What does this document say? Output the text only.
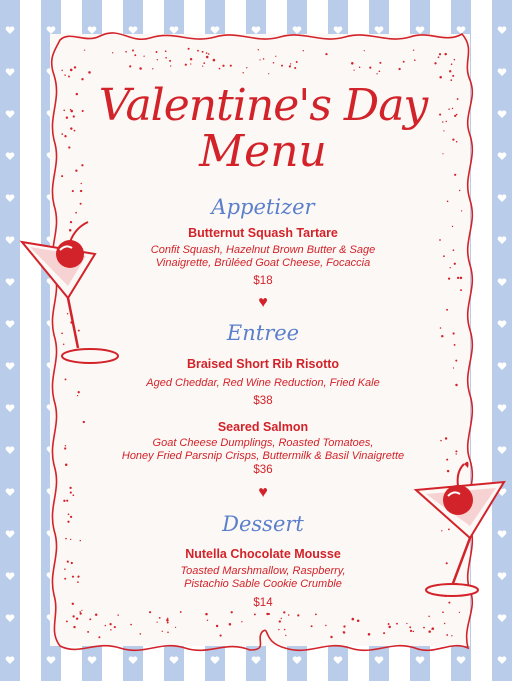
Valentine's Day
Menu
Appetizer
Butternut Squash Tartare
Confit Squash, Hazelnut Brown Butter & Sage
Vinaigrette, Brûléed Goat Cheese, Focaccia
$18
♥
Entree
Braised Short Rib Risotto
Aged Cheddar, Red Wine Reduction, Fried Kale
$38
Seared Salmon
Goat Cheese Dumplings, Roasted Tomatoes,
Honey Fried Parsnip Crisps, Buttermilk & Basil Vinaigrette
$36
♥
Dessert
Nutella Chocolate Mousse
Toasted Marshmallow, Raspberry,
Pistachio Sable Cookie Crumble
$14
